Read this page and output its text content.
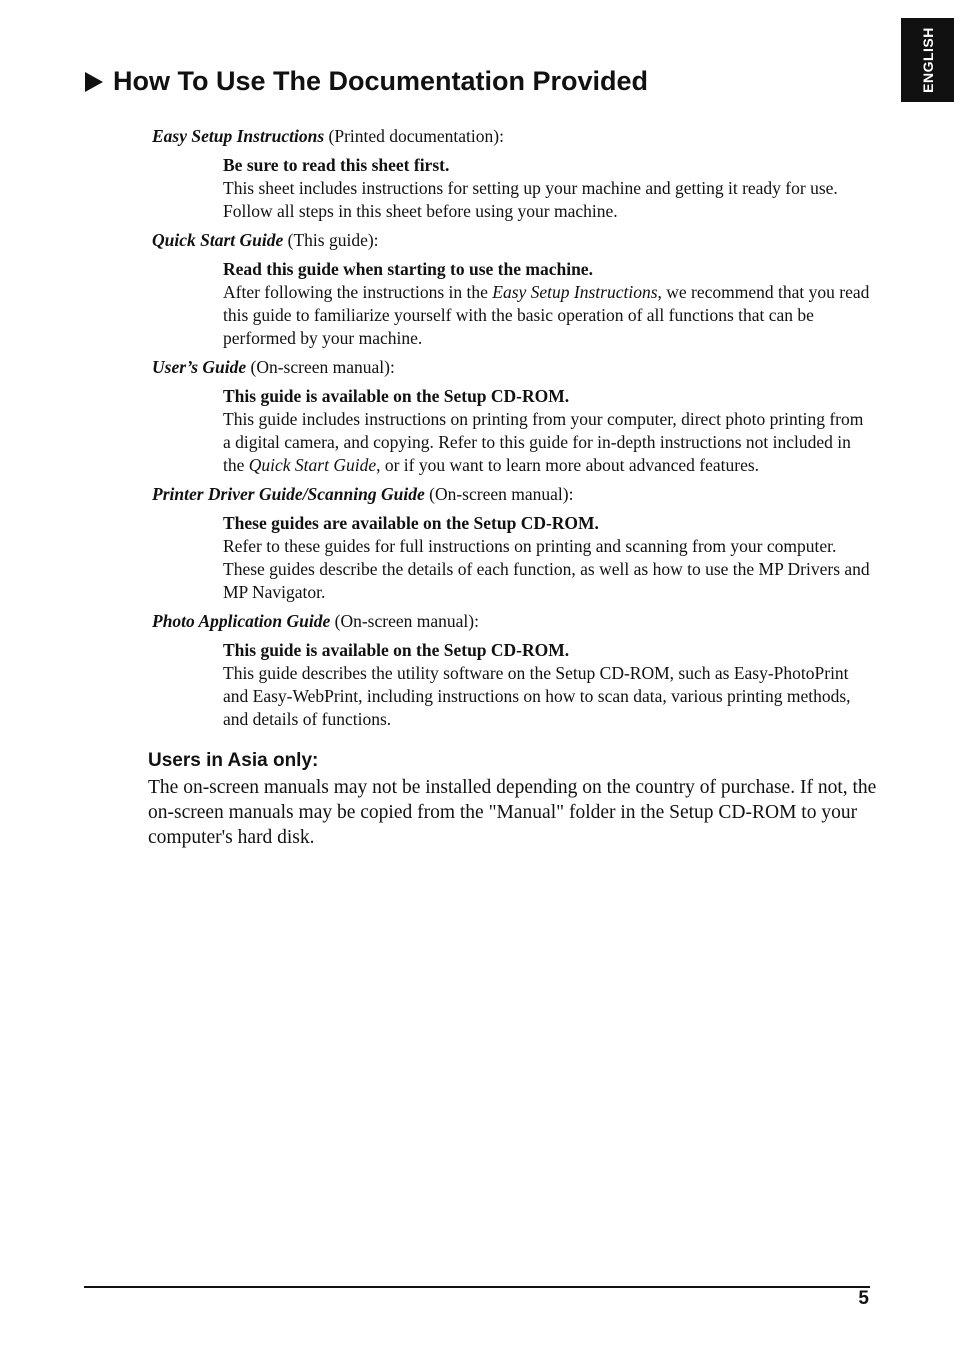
ENGLISH
How To Use The Documentation Provided

Easy Setup Instructions (Printed documentation):

Be sure to read this sheet first.
This sheet includes instructions for setting up your machine and getting it ready for use. Follow all steps in this sheet before using your machine.

Quick Start Guide (This guide):

Read this guide when starting to use the machine.
After following the instructions in the Easy Setup Instructions, we recommend that you read this guide to familiarize yourself with the basic operation of all functions that can be performed by your machine.

User’s Guide (On-screen manual):

This guide is available on the Setup CD-ROM.
This guide includes instructions on printing from your computer, direct photo printing from a digital camera, and copying. Refer to this guide for in-depth instructions not included in the Quick Start Guide, or if you want to learn more about advanced features.

Printer Driver Guide/Scanning Guide (On-screen manual):

These guides are available on the Setup CD-ROM.
Refer to these guides for full instructions on printing and scanning from your computer. These guides describe the details of each function, as well as how to use the MP Drivers and MP Navigator.

Photo Application Guide (On-screen manual):

This guide is available on the Setup CD-ROM.
This guide describes the utility software on the Setup CD-ROM, such as Easy-PhotoPrint and Easy-WebPrint, including instructions on how to scan data, various printing methods, and details of functions.
Users in Asia only:
The on-screen manuals may not be installed depending on the country of purchase. If not, the on-screen manuals may be copied from the "Manual" folder in the Setup CD-ROM to your computer's hard disk.
5
